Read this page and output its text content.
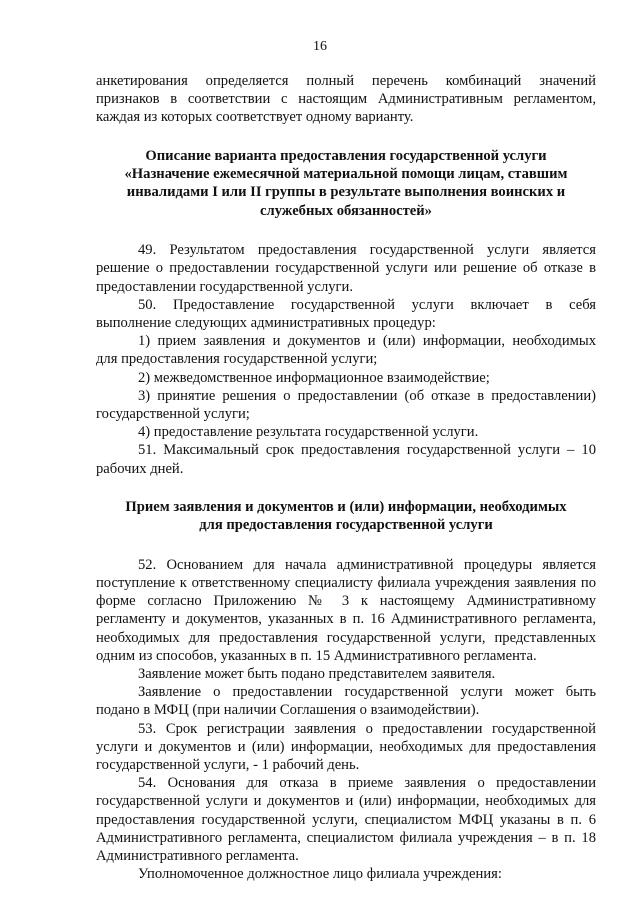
16
анкетирования определяется полный перечень комбинаций значений
признаков в соответствии с настоящим Административным регламентом,
каждая из которых соответствует одному варианту.
Описание варианта предоставления государственной услуги
«Назначение ежемесячной материальной помощи лицам, ставшим
инвалидами I или II группы в результате выполнения воинских и
служебных обязанностей»
49. Результатом предоставления государственной услуги является
решение о предоставлении государственной услуги или решение об отказе в
предоставлении государственной услуги.
50. Предоставление государственной услуги включает в себя
выполнение следующих административных процедур:
1) прием заявления и документов и (или) информации, необходимых
для предоставления государственной услуги;
2) межведомственное информационное взаимодействие;
3) принятие решения о предоставлении (об отказе в предоставлении)
государственной услуги;
4) предоставление результата государственной услуги.
51. Максимальный срок предоставления государственной услуги – 10
рабочих дней.
Прием заявления и документов и (или) информации, необходимых
для предоставления государственной услуги
52. Основанием для начала административной процедуры является
поступление к ответственному специалисту филиала учреждения заявления по
форме согласно Приложению № 3 к настоящему Административному
регламенту и документов, указанных в п. 16 Административного регламента,
необходимых для предоставления государственной услуги, представленных
одним из способов, указанных в п. 15 Административного регламента.
Заявление может быть подано представителем заявителя.
Заявление о предоставлении государственной услуги может быть
подано в МФЦ (при наличии Соглашения о взаимодействии).
53. Срок регистрации заявления о предоставлении государственной
услуги и документов и (или) информации, необходимых для предоставления
государственной услуги, - 1 рабочий день.
54. Основания для отказа в приеме заявления о предоставлении
государственной услуги и документов и (или) информации, необходимых для
предоставления государственной услуги, специалистом МФЦ указаны в п. 6
Административного регламента, специалистом филиала учреждения – в п. 18
Административного регламента.
Уполномоченное должностное лицо филиала учреждения:
